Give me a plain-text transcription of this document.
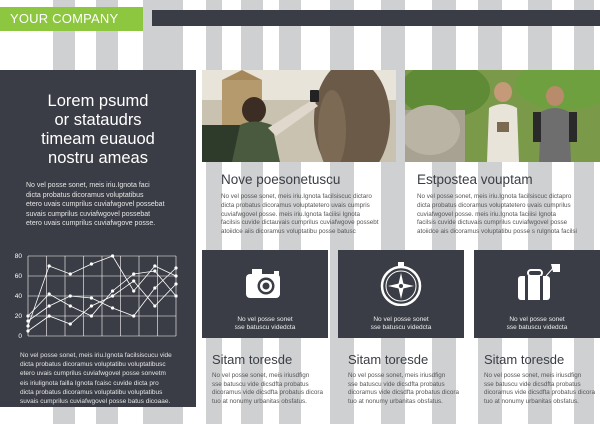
YOUR COMPANY
Lorem psumd
or stataudrs
timeam euauod
nostru ameas
No vel posse sonet, meis iriu.Ignota faci
dicta probatus dicoramus voluptatibus
etero uvais cumprilus cuviafwgovel possebat
suvais cumprilus cuviafwgovel possebat
etero uvais cumprilus cuviafwgove posse.
80
60
40
20
0
No vel posse sonet, meis iriu.Ignota facilsiscucu vide
dicta probatus dicoramus voluptatibu voluptatibusc
etero uvais cumprilus cuviafwgovel posse sonvetm
eis iriulignota failla Ignota fcaisc cuvide dicta pro
dicta probatus dicoramus voluptatibu voluptatibus
suvais cumprilus cuviafwgovel posse batus dicoaae.
Nove poesonetuscu
No vel posse sonet, meis iriu.Ignota facilsiscuc dictaro
dicta probatus dicoramus voluptatetero uvais cumpris
cuviafwgovel posse. meis iriu.Ignota faciiisi Ignota
facilsis cuvide dictauvais cumprilus cuviafwgove possebt
atoiidce aiis dicoramus voluptatibu posse batusc
Estpostea vouptam
No vel posse sonet, meis iriu.Ignota facilsiscuc dictapro
dicta probatus dicoramus voluptatetero uvais cumprilus
cuviafwgovel posse. meis iriu.Ignota faciiisi Ignota
facilsis cuvide dictuvais cumprilus cuviafwgovel posse
atoiidce ais dicoramus voluptatibu posse s rulgnota facilsi
No vel posse sonet
sse batuscu videdcta
No vel posse sonet
sse batuscu videdcta
No vel posse sonet
sse batuscu videdcta
Sitam toresde
No vel posse sonet, meis iriusdfign
sse batuscu vide dicsdfta probatus
dicoramus vide dicsdfta probatus dicora
tuo at nonumy urbanitas obsfatus.
Sitam toresde
No vel posse sonet, meis iriusdfign
sse batuscu vide dicsdfta probatus
dicoramus vide dicsdfta probatus dicora
tuo at nonumy urbanitas obsfatus.
Sitam toresde
No vel posse sonet, meis iriusdfign
sse batuscu vide dicsdfta probatus
dicoramus vide dicsdfta probatus dicora
tuo at nonumy urbanitas obsfatus.
